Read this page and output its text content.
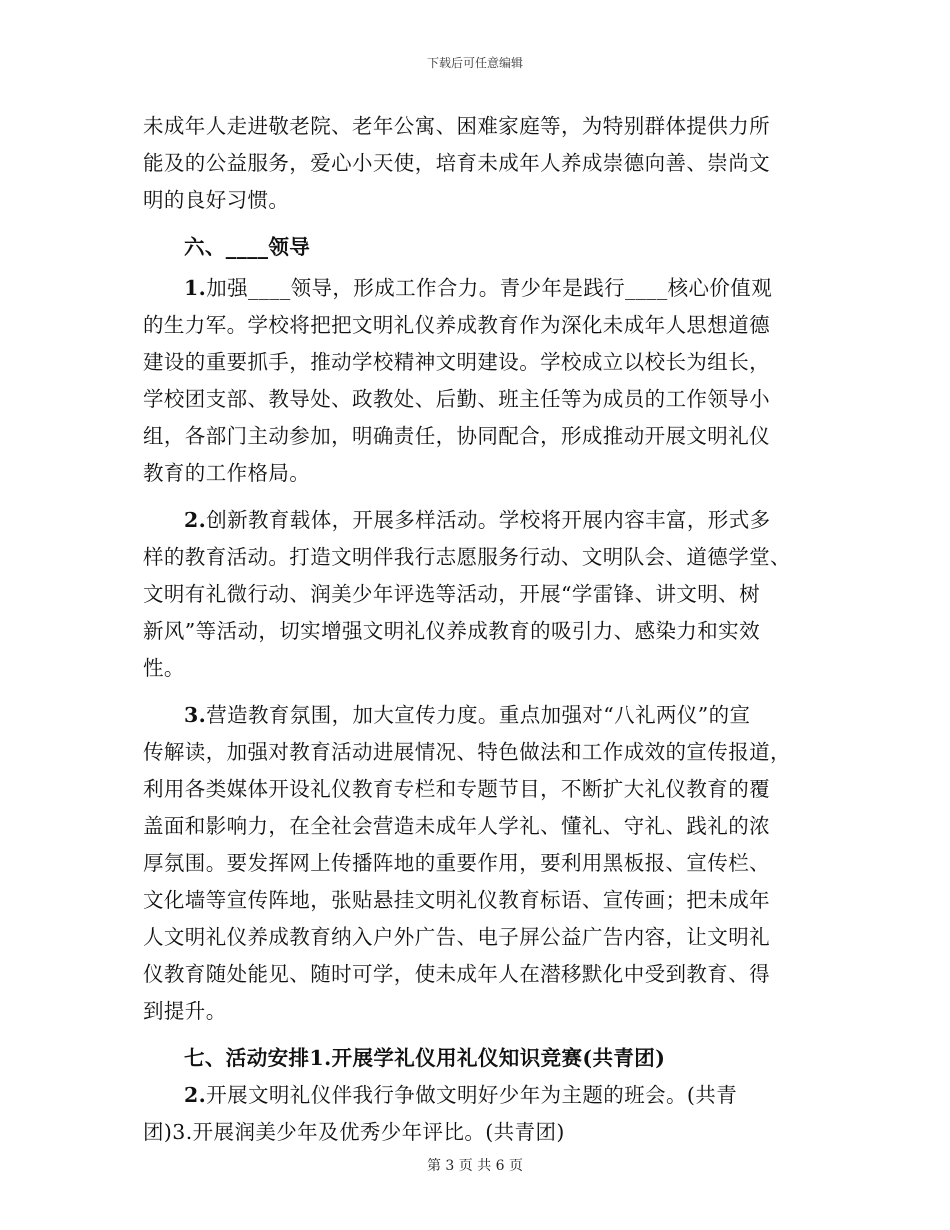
下载后可任意编辑
未成年人走进敬老院、老年公寓、困难家庭等，为特别群体提供力所
能及的公益服务，爱心小天使，培育未成年人养成崇德向善、崇尚文
明的良好习惯。
六、____领导
1.加强____领导，形成工作合力。青少年是践行____核心价值观
的生力军。学校将把把文明礼仪养成教育作为深化未成年人思想道德
建设的重要抓手，推动学校精神文明建设。学校成立以校长为组长，
学校团支部、教导处、政教处、后勤、班主任等为成员的工作领导小
组，各部门主动参加，明确责任，协同配合，形成推动开展文明礼仪
教育的工作格局。
2.创新教育载体，开展多样活动。学校将开展内容丰富，形式多
样的教育活动。打造文明伴我行志愿服务行动、文明队会、道德学堂、
文明有礼微行动、润美少年评选等活动，开展“学雷锋、讲文明、树
新风”等活动，切实增强文明礼仪养成教育的吸引力、感染力和实效
性。
3.营造教育氛围，加大宣传力度。重点加强对“八礼两仪”的宣
传解读，加强对教育活动进展情况、特色做法和工作成效的宣传报道，
利用各类媒体开设礼仪教育专栏和专题节目，不断扩大礼仪教育的覆
盖面和影响力，在全社会营造未成年人学礼、懂礼、守礼、践礼的浓
厚氛围。要发挥网上传播阵地的重要作用，要利用黑板报、宣传栏、
文化墙等宣传阵地，张贴悬挂文明礼仪教育标语、宣传画；把未成年
人文明礼仪养成教育纳入户外广告、电子屏公益广告内容，让文明礼
仪教育随处能见、随时可学，使未成年人在潜移默化中受到教育、得
到提升。
七、活动安排1.开展学礼仪用礼仪知识竞赛(共青团)
2.开展文明礼仪伴我行争做文明好少年为主题的班会。(共青
团)3.开展润美少年及优秀少年评比。(共青团)
第 3 页 共 6 页
